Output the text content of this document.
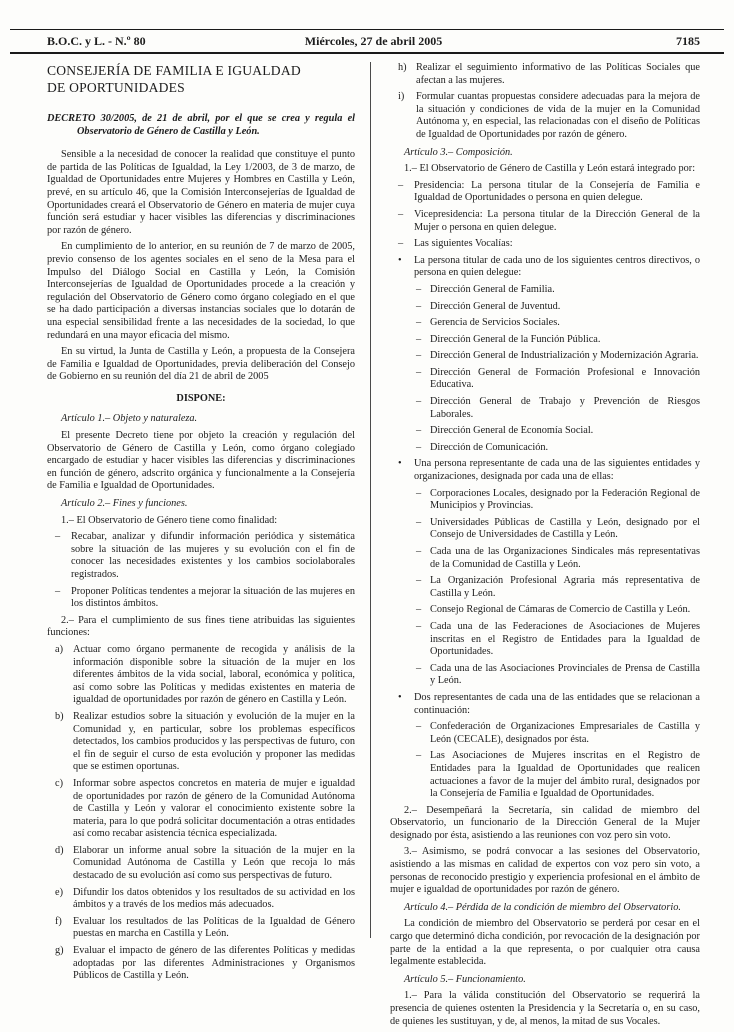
B.O.C. y L. - N.º 80	Miércoles, 27 de abril 2005	7185
CONSEJERÍA DE FAMILIA E IGUALDAD DE OPORTUNIDADES
DECRETO 30/2005, de 21 de abril, por el que se crea y regula el Observatorio de Género de Castilla y León.
Sensible a la necesidad de conocer la realidad que constituye el punto de partida de las Políticas de Igualdad, la Ley 1/2003, de 3 de marzo, de Igualdad de Oportunidades entre Mujeres y Hombres en Castilla y León, prevé, en su artículo 46, que la Comisión Interconsejerías de Igualdad de Oportunidades creará el Observatorio de Género en materia de mujer cuya función será estudiar y hacer visibles las diferencias y discriminaciones por razón de género.
En cumplimiento de lo anterior, en su reunión de 7 de marzo de 2005, previo consenso de los agentes sociales en el seno de la Mesa para el Impulso del Diálogo Social en Castilla y León, la Comisión Interconsejerías de Igualdad de Oportunidades procede a la creación y regulación del Observatorio de Género como órgano colegiado en el que se ha dado participación a diversas instancias sociales que lo dotarán de una especial sensibilidad frente a las necesidades de la sociedad, lo que redundará en una mayor eficacia del mismo.
En su virtud, la Junta de Castilla y León, a propuesta de la Consejera de Familia e Igualdad de Oportunidades, previa deliberación del Consejo de Gobierno en su reunión del día 21 de abril de 2005
DISPONE:
Artículo 1.– Objeto y naturaleza.
El presente Decreto tiene por objeto la creación y regulación del Observatorio de Género de Castilla y León, como órgano colegiado encargado de estudiar y hacer visibles las diferencias y discriminaciones en función de género, adscrito orgánica y funcionalmente a la Consejería de Familia e Igualdad de Oportunidades.
Artículo 2.– Fines y funciones.
1.– El Observatorio de Género tiene como finalidad:
– Recabar, analizar y difundir información periódica y sistemática sobre la situación de las mujeres y su evolución con el fin de conocer las necesidades existentes y los cambios sociolaborales registrados.
– Proponer Políticas tendentes a mejorar la situación de las mujeres en los distintos ámbitos.
2.– Para el cumplimiento de sus fines tiene atribuidas las siguientes funciones:
a) Actuar como órgano permanente de recogida y análisis de la información disponible sobre la situación de la mujer en los diferentes ámbitos de la vida social, laboral, económica y política, así como sobre las Políticas y medidas existentes en materia de igualdad de oportunidades por razón de género en Castilla y León.
b) Realizar estudios sobre la situación y evolución de la mujer en la Comunidad y, en particular, sobre los problemas específicos detectados, los cambios producidos y las perspectivas de futuro, con el fin de seguir el curso de esta evolución y proponer las medidas que se estimen oportunas.
c) Informar sobre aspectos concretos en materia de mujer e igualdad de oportunidades por razón de género de la Comunidad Autónoma de Castilla y León y valorar el conocimiento existente sobre la materia, para lo que podrá solicitar documentación a otras entidades así como recabar asistencia técnica especializada.
d) Elaborar un informe anual sobre la situación de la mujer en la Comunidad Autónoma de Castilla y León que recoja lo más destacado de su evolución así como sus perspectivas de futuro.
e) Difundir los datos obtenidos y los resultados de su actividad en los ámbitos y a través de los medios más adecuados.
f) Evaluar los resultados de las Políticas de la Igualdad de Género puestas en marcha en Castilla y León.
g) Evaluar el impacto de género de las diferentes Políticas y medidas adoptadas por las diferentes Administraciones y Organismos Públicos de Castilla y León.
h) Realizar el seguimiento informativo de las Políticas Sociales que afectan a las mujeres.
i) Formular cuantas propuestas considere adecuadas para la mejora de la situación y condiciones de vida de la mujer en la Comunidad Autónoma y, en especial, las relacionadas con el diseño de Políticas de Igualdad de Oportunidades por razón de género.
Artículo 3.– Composición.
1.– El Observatorio de Género de Castilla y León estará integrado por:
– Presidencia: La persona titular de la Consejería de Familia e Igualdad de Oportunidades o persona en quien delegue.
– Vicepresidencia: La persona titular de la Dirección General de la Mujer o persona en quien delegue.
– Las siguientes Vocalías:
• La persona titular de cada uno de los siguientes centros directivos, o persona en quien delegue:
– Dirección General de Familia.
– Dirección General de Juventud.
– Gerencia de Servicios Sociales.
– Dirección General de la Función Pública.
– Dirección General de Industrialización y Modernización Agraria.
– Dirección General de Formación Profesional e Innovación Educativa.
– Dirección General de Trabajo y Prevención de Riesgos Laborales.
– Dirección General de Economía Social.
– Dirección de Comunicación.
• Una persona representante de cada una de las siguientes entidades y organizaciones, designada por cada una de ellas:
– Corporaciones Locales, designado por la Federación Regional de Municipios y Provincias.
– Universidades Públicas de Castilla y León, designado por el Consejo de Universidades de Castilla y León.
– Cada una de las Organizaciones Sindicales más representativas de la Comunidad de Castilla y León.
– La Organización Profesional Agraria más representativa de Castilla y León.
– Consejo Regional de Cámaras de Comercio de Castilla y León.
– Cada una de las Federaciones de Asociaciones de Mujeres inscritas en el Registro de Entidades para la Igualdad de Oportunidades.
– Cada una de las Asociaciones Provinciales de Prensa de Castilla y León.
• Dos representantes de cada una de las entidades que se relacionan a continuación:
– Confederación de Organizaciones Empresariales de Castilla y León (CECALE), designados por ésta.
– Las Asociaciones de Mujeres inscritas en el Registro de Entidades para la Igualdad de Oportunidades que realicen actuaciones a favor de la mujer del ámbito rural, designados por la Consejería de Familia e Igualdad de Oportunidades.
2.– Desempeñará la Secretaría, sin calidad de miembro del Observatorio, un funcionario de la Dirección General de la Mujer designado por ésta, asistiendo a las reuniones con voz pero sin voto.
3.– Asimismo, se podrá convocar a las sesiones del Observatorio, asistiendo a las mismas en calidad de expertos con voz pero sin voto, a personas de reconocido prestigio y experiencia profesional en el ámbito de mujer e igualdad de oportunidades por razón de género.
Artículo 4.– Pérdida de la condición de miembro del Observatorio.
La condición de miembro del Observatorio se perderá por cesar en el cargo que determinó dicha condición, por revocación de la designación por parte de la entidad a la que representa, o por cualquier otra causa legalmente establecida.
Artículo 5.– Funcionamiento.
1.– Para la válida constitución del Observatorio se requerirá la presencia de quienes ostenten la Presidencia y la Secretaría o, en su caso, de quienes les sustituyan, y de, al menos, la mitad de sus Vocales.
